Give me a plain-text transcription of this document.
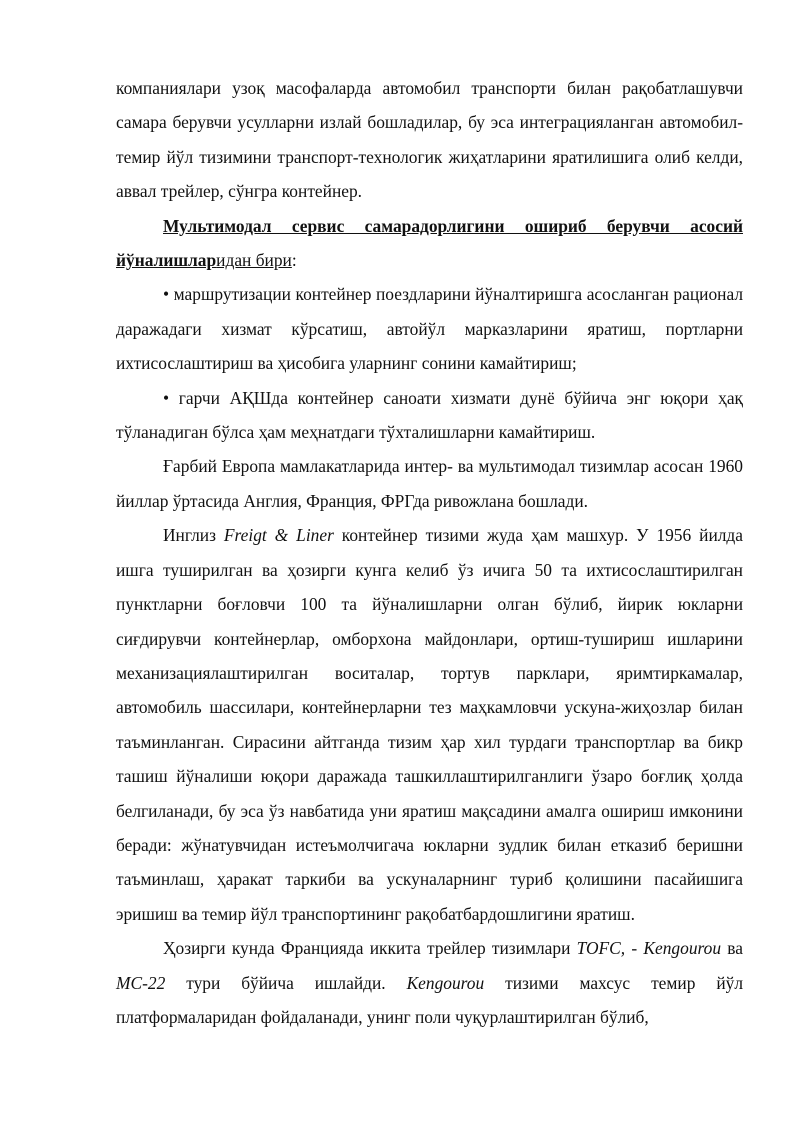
компаниялари узоқ масофаларда автомобил транспорти билан рақобатлашувчи самара берувчи усулларни излай бошладилар, бу эса интеграцияланган автомобил-темир йўл тизимини транспорт-технологик жиҳатларини яратилишига олиб келди, аввал трейлер, сўнгра контейнер.

Мультимодал сервис самарадорлигини ошириб берувчи асосий йўналишларидан бири:

• маршрутизации контейнер поездларини йўналтиришга асосланган рационал даражадаги хизмат кўрсатиш, автойўл марказларини яратиш, портларни ихтисослаштириш ва ҳисобига уларнинг сонини камайтириш;

• гарчи АҚШда контейнер саноати хизмати дунё бўйича энг юқори ҳақ тўланадиган бўлса ҳам меҳнатдаги тўхталишларни камайтириш.

Ғарбий Европа мамлакатларида интер- ва мультимодал тизимлар асосан 1960 йиллар ўртасида Англия, Франция, ФРГда ривожлана бошлади.

Инглиз Freigt & Liner контейнер тизими жуда ҳам машхур. У 1956 йилда ишга туширилган ва ҳозирги кунга келиб ўз ичига 50 та ихтисослаштирилган пунктларни боғловчи 100 та йўналишларни олган бўлиб, йирик юкларни сиғдирувчи контейнерлар, омборхона майдонлари, ортиш-тушириш ишларини механизациялаштирилган воситалар, тортув парклари, яримтиркамалар, автомобиль шассилари, контейнерларни тез маҳкамловчи ускуна-жиҳозлар билан таъминланган. Сирасини айтганда тизим ҳар хил турдаги транспортлар ва бикр ташиш йўналиши юқори даражада ташкиллаштирилганлиги ўзаро боғлиқ ҳолда белгиланади, бу эса ўз навбатида уни яратиш мақсадини амалга ошириш имконини беради: жўнатувчидан истеъмолчигача юкларни зудлик билан етказиб беришни таъминлаш, ҳаракат таркиби ва ускуналарнинг туриб қолишини пасайишига эришиш ва темир йўл транспортининг рақобатбардошлигини яратиш.

Ҳозирги кунда Францияда иккита трейлер тизимлари TOFC, - Kengourou ва MC-22 тури бўйича ишлайди. Kengourou тизими махсус темир йўл платформаларидан фойдаланади, унинг поли чуқурлаштирилган бўлиб,
